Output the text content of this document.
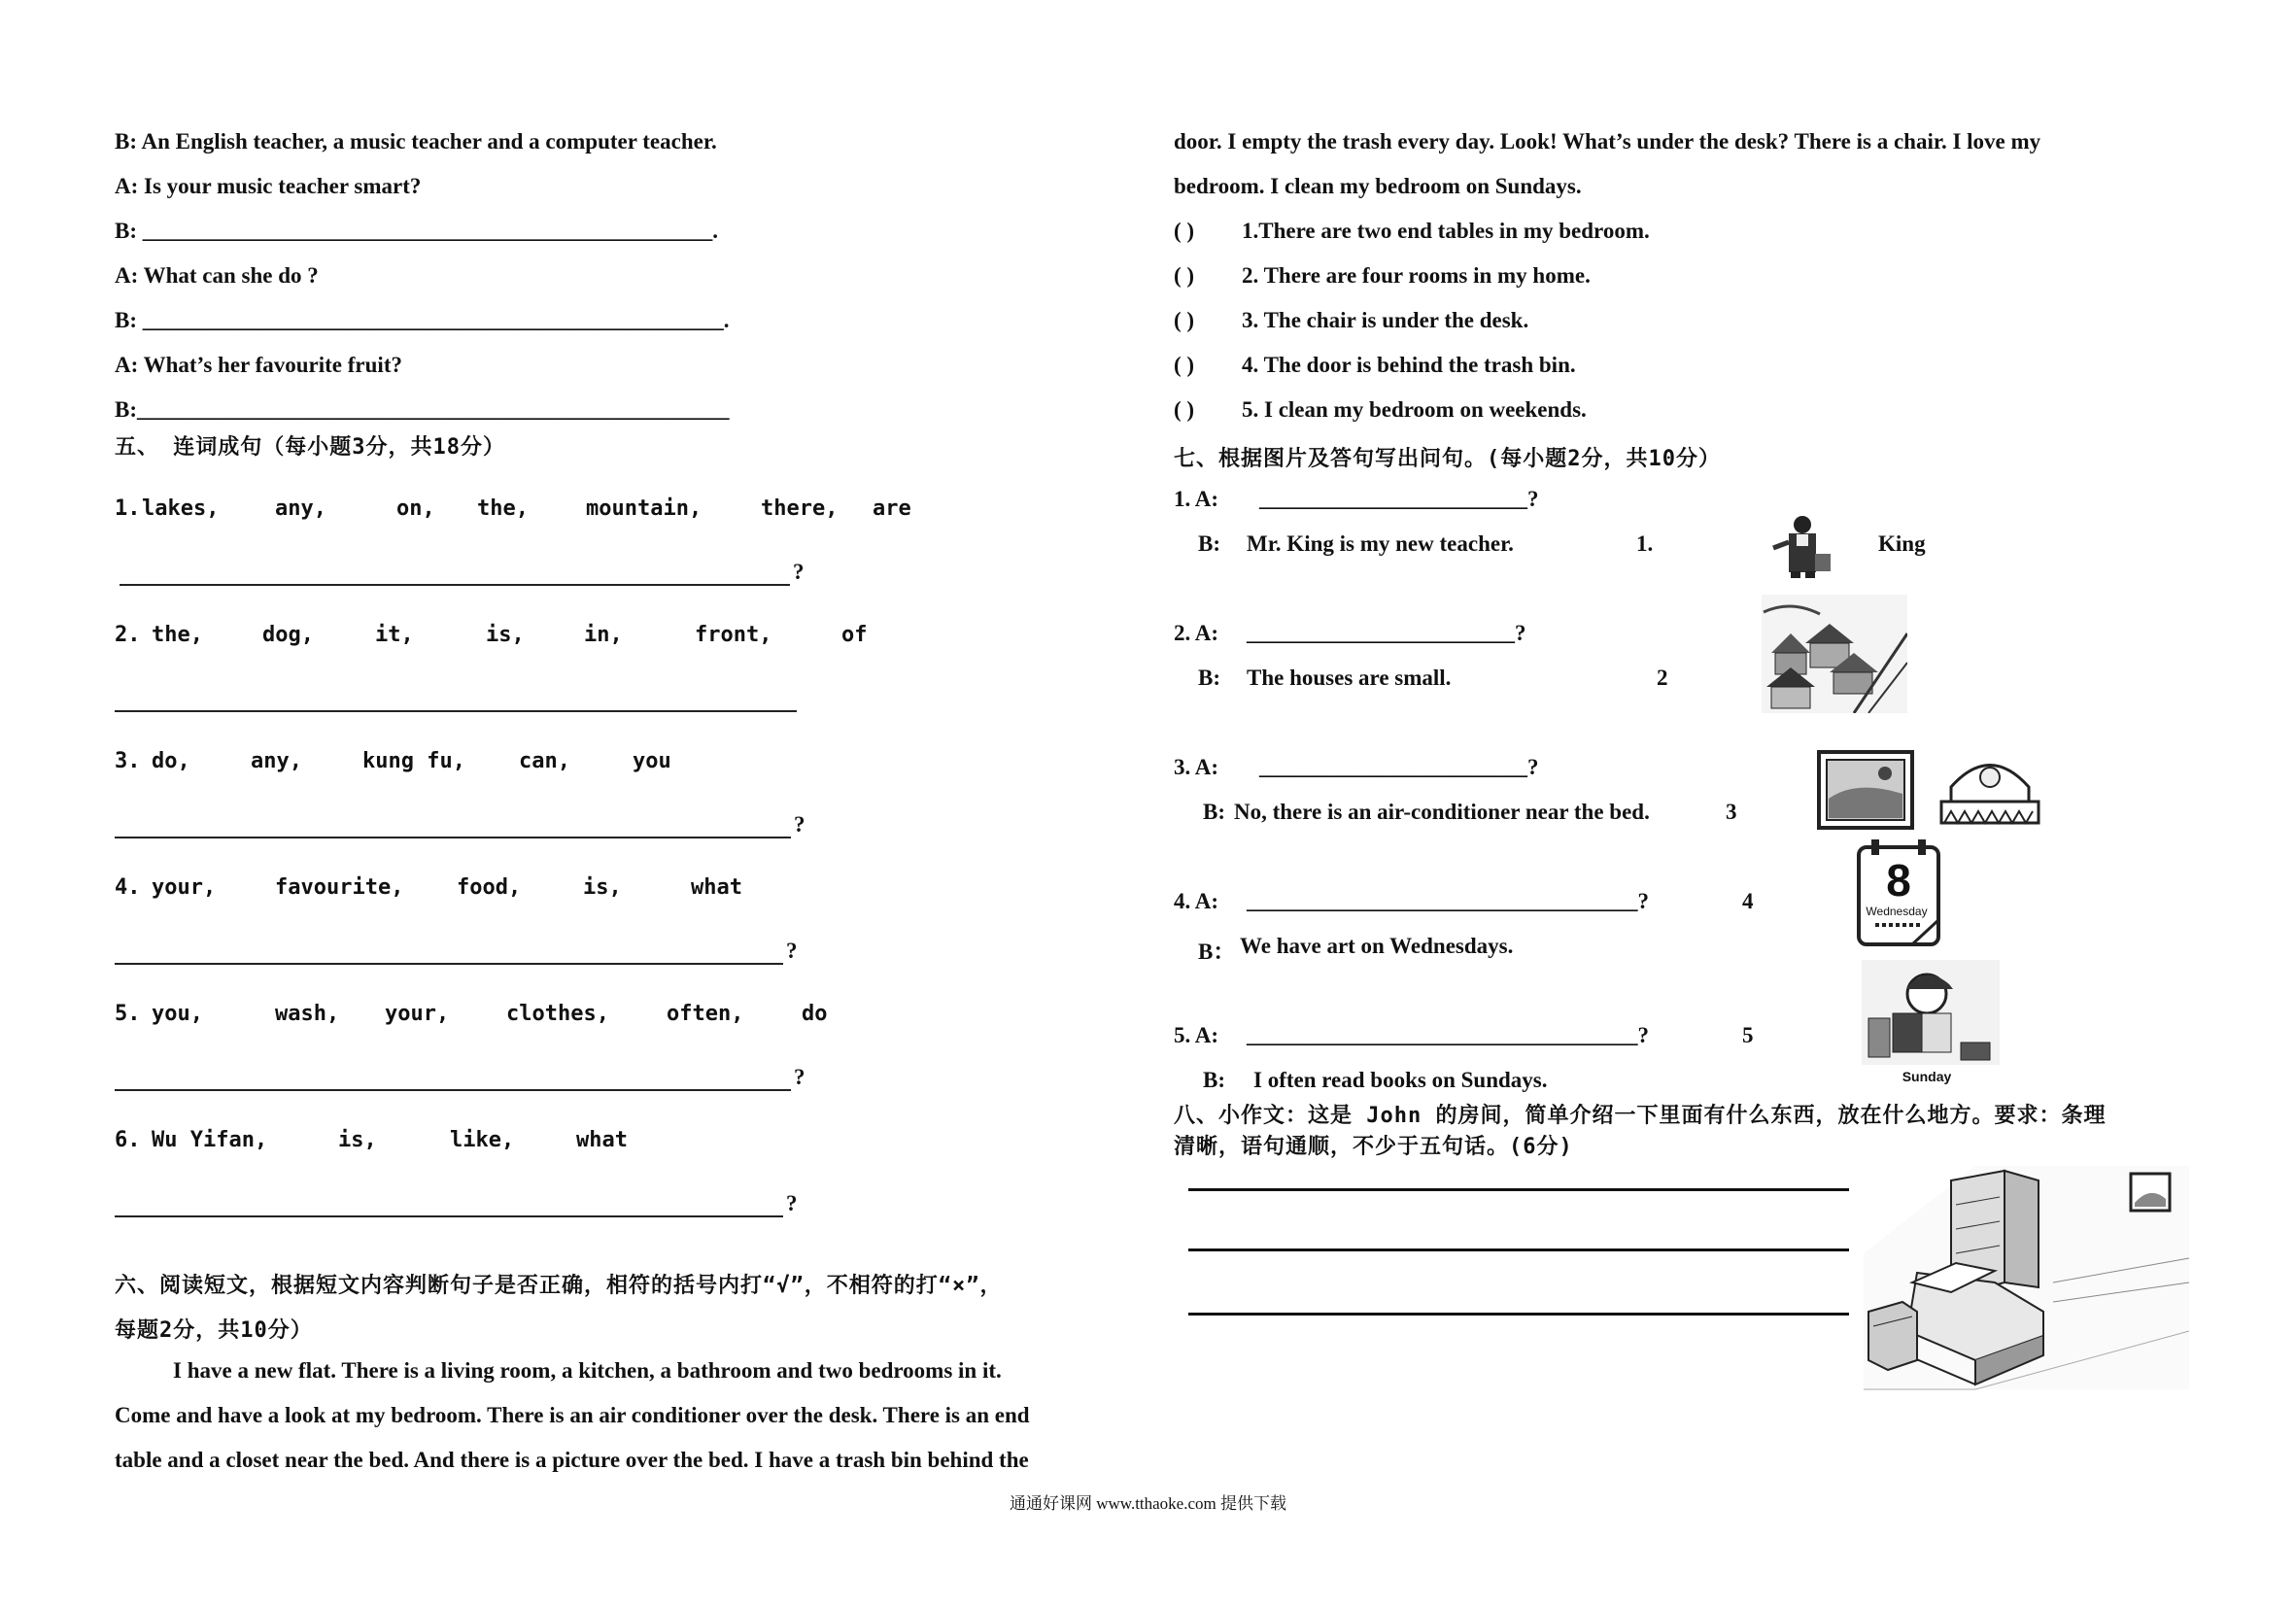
B: An English teacher, a music teacher and a computer teacher.
A: Is your music teacher smart?
B: ___________________________________________________.
A: What can she do ?
B: ____________________________________________________.
A: What’s her favourite fruit?
B:_____________________________________________________
五、 连词成句（每小题3分，共18分）
1. lakes,	any,	on, the,	mountain,	there, are
?
2. the,	dog,	it,	is,	in,	front,	of
3. do,	any,	kung fu,	can,	you
?
4. your,	favourite, food,	is,	what
?
5. you,	wash, your,	clothes,	often,	do
?
6. Wu Yifan,	is,	like,	what
?
六、阅读短文，根据短文内容判断句子是否正确，相符的括号内打“√”，不相符的打“×”，
每题2分，共10分）
I have a new flat. There is a living room, a kitchen, a bathroom and two bedrooms in it.
Come and have a look at my bedroom. There is an air conditioner over the desk. There is an end
table and a closet near the bed. And there is a picture over the bed. I have a trash bin behind the
door. I empty the trash every day. Look! What’s under the desk? There is a chair. I love my
bedroom. I clean my bedroom on Sundays.
( ) 1.There are two end tables in my bedroom.
( ) 2. There are four rooms in my home.
( ) 3. The chair is under the desk.
( ) 4. The door is behind the trash bin.
( ) 5. I clean my bedroom on weekends.
七、根据图片及答句写出问句。(每小题2分，共10分）
1. A: ________________________?
B: Mr. King is my new teacher.	1.	King
2. A: ________________________?
B: The houses are small.	2
3. A: ________________________?
B: No, there is an air-conditioner near the bed.	3
4. A: ___________________________________?	4
B： We have art on Wednesdays.
5. A: ___________________________________?	5
B: I often read books on Sundays.
8
Wednesday
Sunday
八、小作文：这是 John 的房间，简单介绍一下里面有什么东西，放在什么地方。要求：条理
清晰，语句通顺，不少于五句话。(6分)
通通好课网 www.tthaoke.com 提供下载
